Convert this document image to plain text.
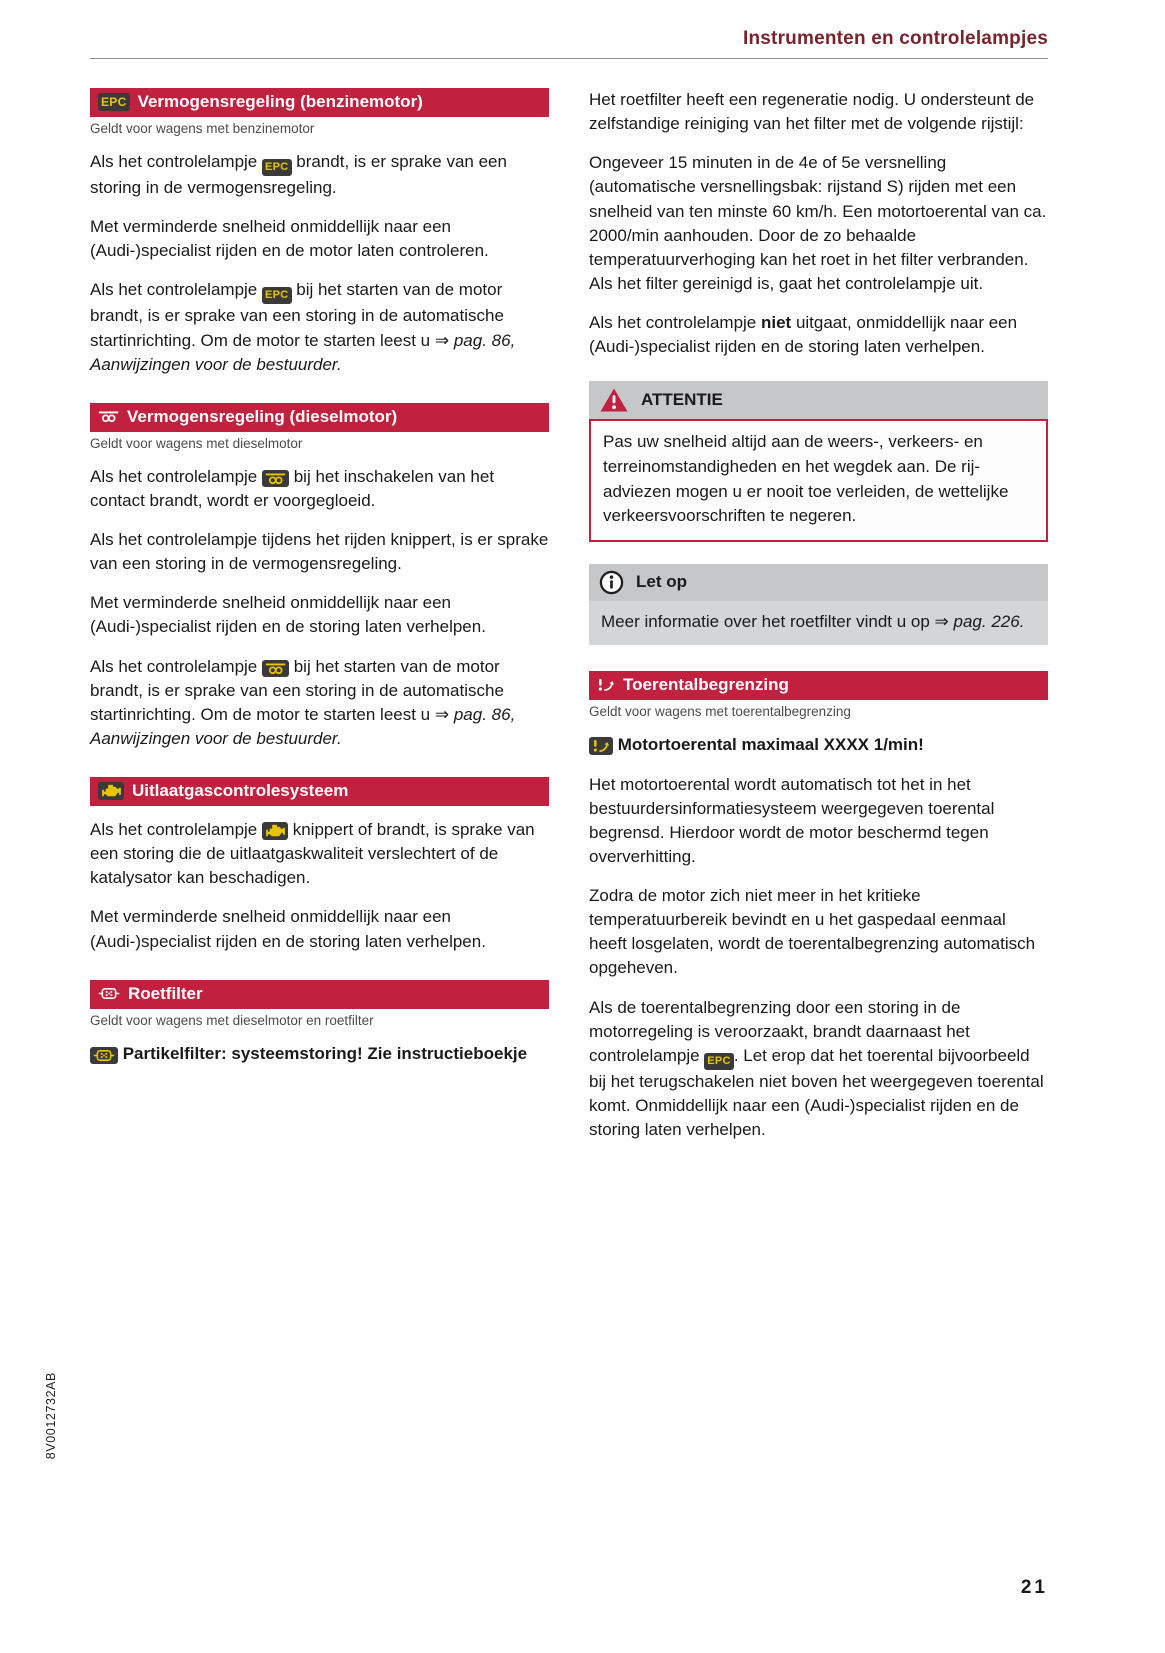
Instrumenten en controlelampjes
EPC Vermogensregeling (benzinemotor)
Geldt voor wagens met benzinemotor

Als het controlelampje EPC brandt, is er sprake van een storing in de vermogensregeling.

Met verminderde snelheid onmiddellijk naar een (Audi-)specialist rijden en de motor laten controleren.

Als het controlelampje EPC bij het starten van de motor brandt, is er sprake van een storing in de automatische startinrichting. Om de motor te starten leest u ⇒ pag. 86, Aanwijzingen voor de bestuurder.

Vermogensregeling (dieselmotor)
Geldt voor wagens met dieselmotor

Als het controlelampje
bij het inschakelen van het contact brandt, wordt er voorgegloeid.

Als het controlelampje tijdens het rijden knippert, is er sprake van een storing in de vermogensregeling.

Met verminderde snelheid onmiddellijk naar een (Audi-)specialist rijden en de storing laten verhelpen.

Als het controlelampje
bij het starten van de motor brandt, is er sprake van een storing in de automatische startinrichting. Om de motor te starten leest u ⇒ pag. 86, Aanwijzingen voor de bestuurder.

Uitlaatgascontrolesysteem

Als het controlelampje
knippert of brandt, is sprake van een storing die de uitlaatgaskwaliteit verslechtert of de katalysator kan beschadigen.

Met verminderde snelheid onmiddellijk naar een (Audi-)specialist rijden en de storing laten verhelpen.

Roetfilter
Geldt voor wagens met dieselmotor en roetfilter

Partikelfilter: systeemstoring! Zie instructieboekje

Het roetfilter heeft een regeneratie nodig. U ondersteunt de zelfstandige reiniging van het filter met de volgende rijstijl:

Ongeveer 15 minuten in de 4e of 5e versnelling (automatische versnellingsbak: rijstand S) rijden met een snelheid van ten minste 60 km/h. Een motortoerental van ca. 2000/min aanhouden. Door de zo behaalde temperatuurverhoging kan het roet in het filter verbranden. Als het filter gereinigd is, gaat het controlelampje uit.

Als het controlelampje niet uitgaat, onmiddellijk naar een (Audi-)specialist rijden en de storing laten verhelpen.

ATTENTIE

Pas uw snelheid altijd aan de weers-, verkeers- en terreinomstandigheden en het wegdek aan. De rij-adviezen mogen u er nooit toe verleiden, de wettelijke verkeersvoorschriften te negeren.

Let op

Meer informatie over het roetfilter vindt u op ⇒ pag. 226.

Toerentalbegrenzing
Geldt voor wagens met toerentalbegrenzing

Motortoerental maximaal XXXX 1/min!

Het motortoerental wordt automatisch tot het in het bestuurdersinformatiesysteem weergegeven toerental begrensd. Hierdoor wordt de motor beschermd tegen oververhitting.

Zodra de motor zich niet meer in het kritieke temperatuurbereik bevindt en u het gaspedaal eenmaal heeft losgelaten, wordt de toerentalbegrenzing automatisch opgeheven.

Als de toerentalbegrenzing door een storing in de motorregeling is veroorzaakt, brandt daarnaast het controlelampje EPC . Let erop dat het toerental bijvoorbeeld bij het terugschakelen niet boven het weergegeven toerental komt. Onmiddellijk naar een (Audi-)specialist rijden en de storing laten verhelpen.

21
8V0012732AB
